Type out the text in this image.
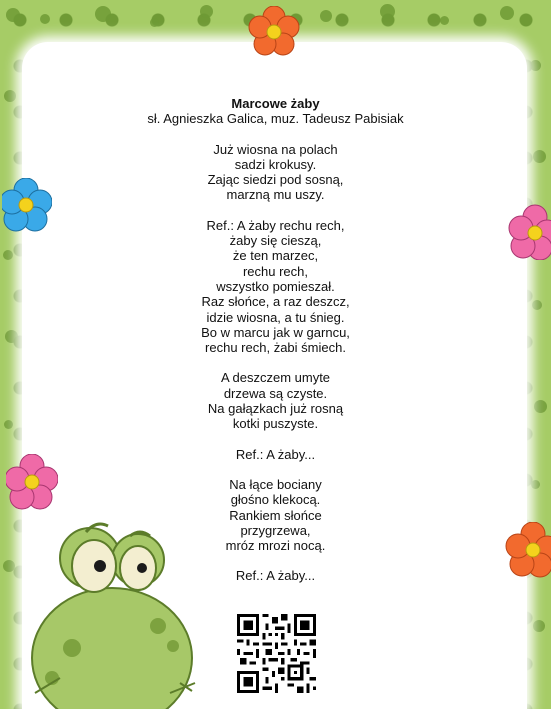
Marcowe żaby
sł. Agnieszka Galica, muz. Tadeusz Pabisiak
Już wiosna na polach
sadzi krokusy.
Zając siedzi pod sosną,
marzną mu uszy.
Ref.: A żaby rechu rech,
żaby się cieszą,
że ten marzec,
rechu rech,
wszystko pomieszał.
Raz słońce, a raz deszcz,
idzie wiosna, a tu śnieg.
Bo w marcu jak w garncu,
rechu rech, żabi śmiech.
A deszczem umyte
drzewa są czyste.
Na gałązkach już rosną
kotki puszyste.
Ref.: A żaby...
Na łące bociany
głośno klekocą.
Rankiem słońce
przygrzewa,
mróz mrozi nocą.
Ref.: A żaby...
